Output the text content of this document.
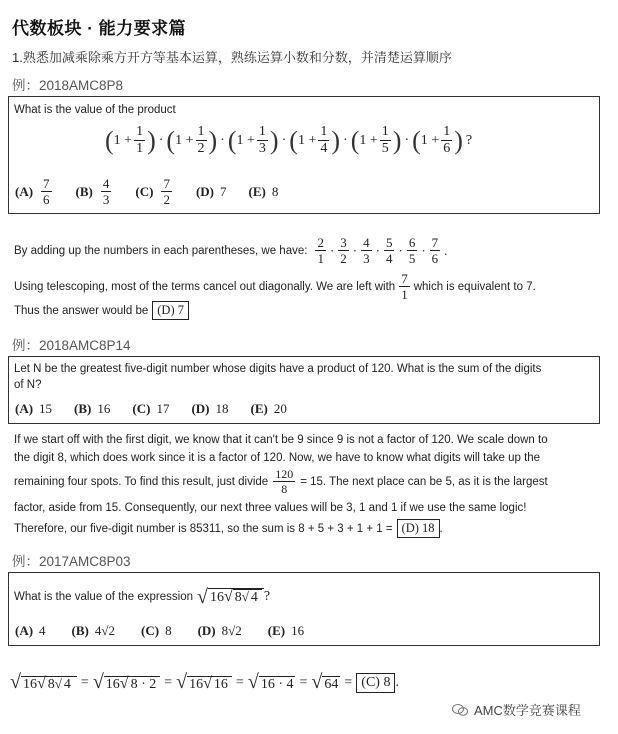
代数板块 · 能力要求篇
1.熟悉加减乘除乘方开方等基本运算，熟练运算小数和分数，并清楚运算顺序
例：2018AMC8P8
What is the value of the product
( $1 + \frac{1}{1}$ ) · ( $1 + \frac{1}{2}$ ) · ( $1 + \frac{1}{3}$ ) · ( $1 + \frac{1}{4}$ ) · ( $1 + \frac{1}{5}$ ) · ( $1 + \frac{1}{6}$ ) ?
$(A) \frac{7}{6} (B) \frac{4}{3} (C) \frac{7}{2} (D)$ 7 (E) 8
By adding up the numbers in each parentheses, we have: $\frac{2}{1} \cdot \frac{3}{2} \cdot \frac{4}{3} \cdot \frac{5}{4} \cdot \frac{6}{5} \cdot \frac{7}{6}$ .
Using telescoping, most of the terms cancel out diagonally. We are left with $\frac{7}{1}$ which is equivalent to 7.
Thus the answer would be (D) 7
例：2018AMC8P14
Let N be the greatest five-digit number whose digits have a product of 120. What is the sum of the digits
of N?
(A) 15 (B) 16 (C) 17 (D) 18 (E) 20
If we start off with the first digit, we know that it can't be 9 since 9 is not a factor of 120. We scale down to
the digit 8, which does work since it is a factor of 120. Now, we have to know what digits will take up the
remaining four spots. To find this result, just divide $\frac{120}{8} = 15$. The next place can be 5, as it is the largest
factor, aside from 15. Consequently, our next three values will be 3, 1 and 1 if we use the same logic!
Therefore, our five-digit number is 85311, so the sum is 8 + 5 + 3 + 1 + 1 = (D) 18 .
例：2017AMC8P03
What is the value of the expression √ 16√ 8√ 4 ?
(A) 4 (B) 4√2 (C) 8 (D) 8√2 (E) 16
√ 16√ 8√ 4 = √ 16√ 8 · 2 = √ 16√ 16 = √ 16 · 4 = √ 64 = (C) 8 .
AMC数学竞赛课程
